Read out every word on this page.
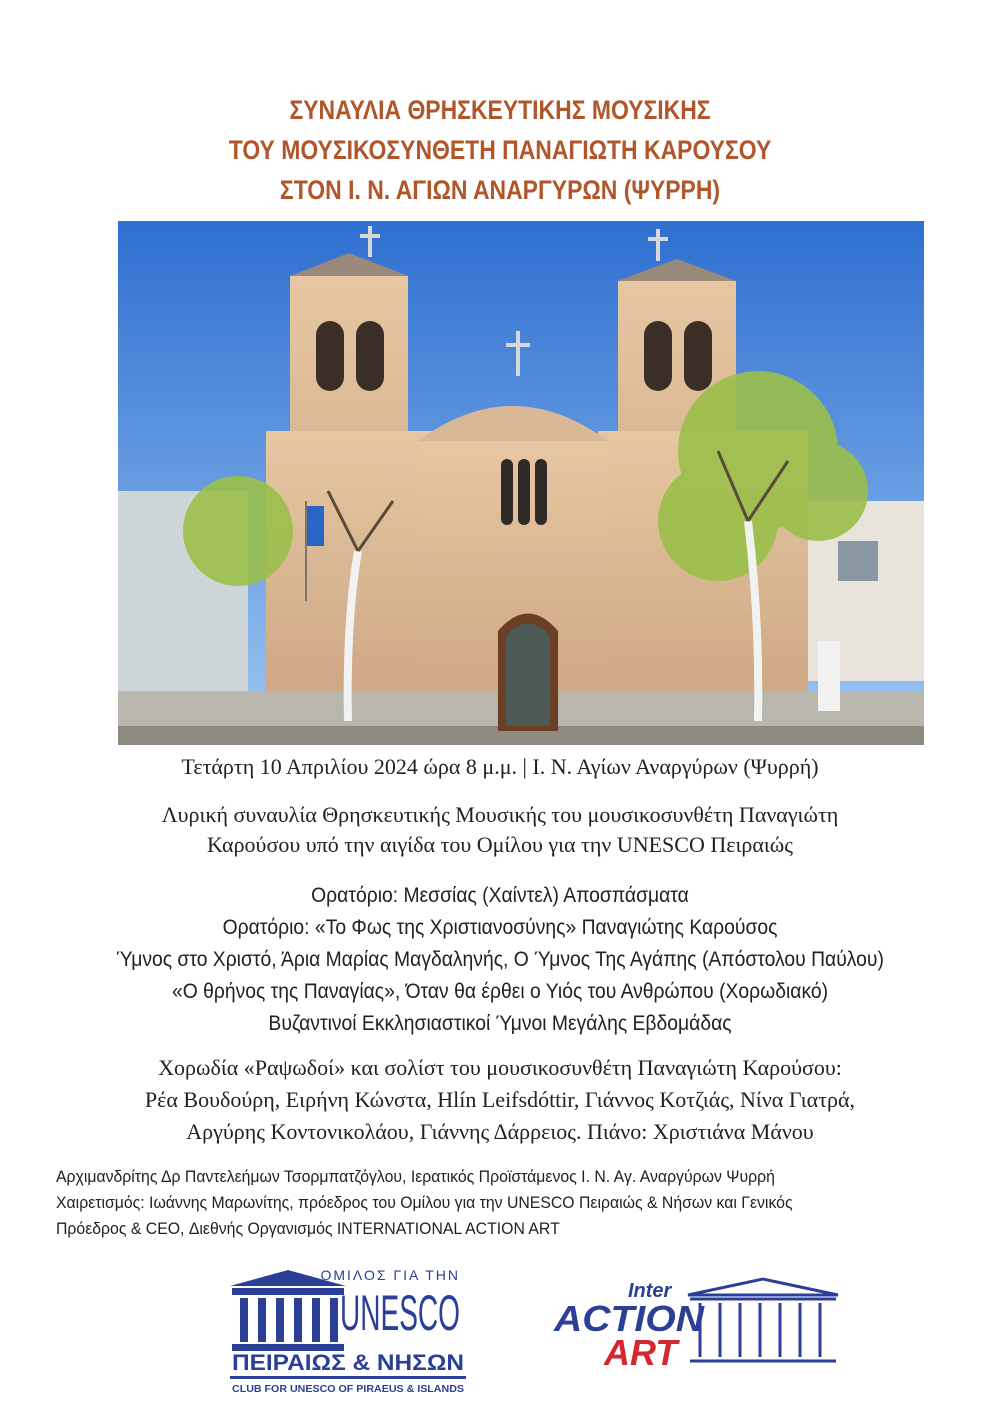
ΣΥΝΑΥΛΙΑ ΘΡΗΣΚΕΥΤΙΚΗΣ ΜΟΥΣΙΚΗΣ
ΤΟΥ ΜΟΥΣΙΚΟΣΥΝΘΕΤΗ ΠΑΝΑΓΙΩΤΗ ΚΑΡΟΥΣΟΥ
ΣΤΟΝ Ι. Ν. ΑΓΙΩΝ ΑΝΑΡΓΥΡΩΝ (ΨΥΡΡΗ)
Τετάρτη 10 Απριλίου 2024 ώρα 8 μ.μ. | Ι. Ν. Αγίων Αναργύρων (Ψυρρή)
Λυρική συναυλία Θρησκευτικής Μουσικής του μουσικοσυνθέτη Παναγιώτη
Καρούσου υπό την αιγίδα του Ομίλου για την UNESCO Πειραιώς
Ορατόριο: Μεσσίας (Χαίντελ) Αποσπάσματα
Ορατόριο: «Το Φως της Χριστιανοσύνης» Παναγιώτης Καρούσος
Ύμνος στο Χριστό, Άρια Μαρίας Μαγδαληνής, Ο Ύμνος Της Αγάπης (Απόστολου Παύλου)
«Ο θρήνος της Παναγίας», Όταν θα έρθει ο Υιός του Ανθρώπου (Χορωδιακό)
Βυζαντινοί Εκκλησιαστικοί Ύμνοι Μεγάλης Εβδομάδας
Χορωδία «Ραψωδοί» και σολίστ του μουσικοσυνθέτη Παναγιώτη Καρούσου:
Ρέα Βουδούρη, Ειρήνη Κώνστα, Hlín Leifsdóttir, Γιάννος Κοτζιάς, Νίνα Γιατρά,
Αργύρης Κοντονικολάου, Γιάννης Δάρρειος. Πιάνο: Χριστιάνα Μάνου
Αρχιμανδρίτης Δρ Παντελεήμων Τσορμπατζόγλου, Ιερατικός Προϊστάμενος Ι. Ν. Αγ. Αναργύρων Ψυρρή
Χαιρετισμός: Ιωάννης Μαρωνίτης, πρόεδρος του Ομίλου για την UNESCO Πειραιώς & Νήσων και Γενικός
Πρόεδρος & CEO, Διεθνής Οργανισμός INTERNATIONAL ACTION ART
ΟΜΙΛΟΣ ΓΙΑ ΤΗΝ
UNESCO
ΠΕΙΡΑΙΩΣ & ΝΗΣΩΝ
CLUB FOR UNESCO OF PIRAEUS & ISLANDS
Inter
ACTION
ART
